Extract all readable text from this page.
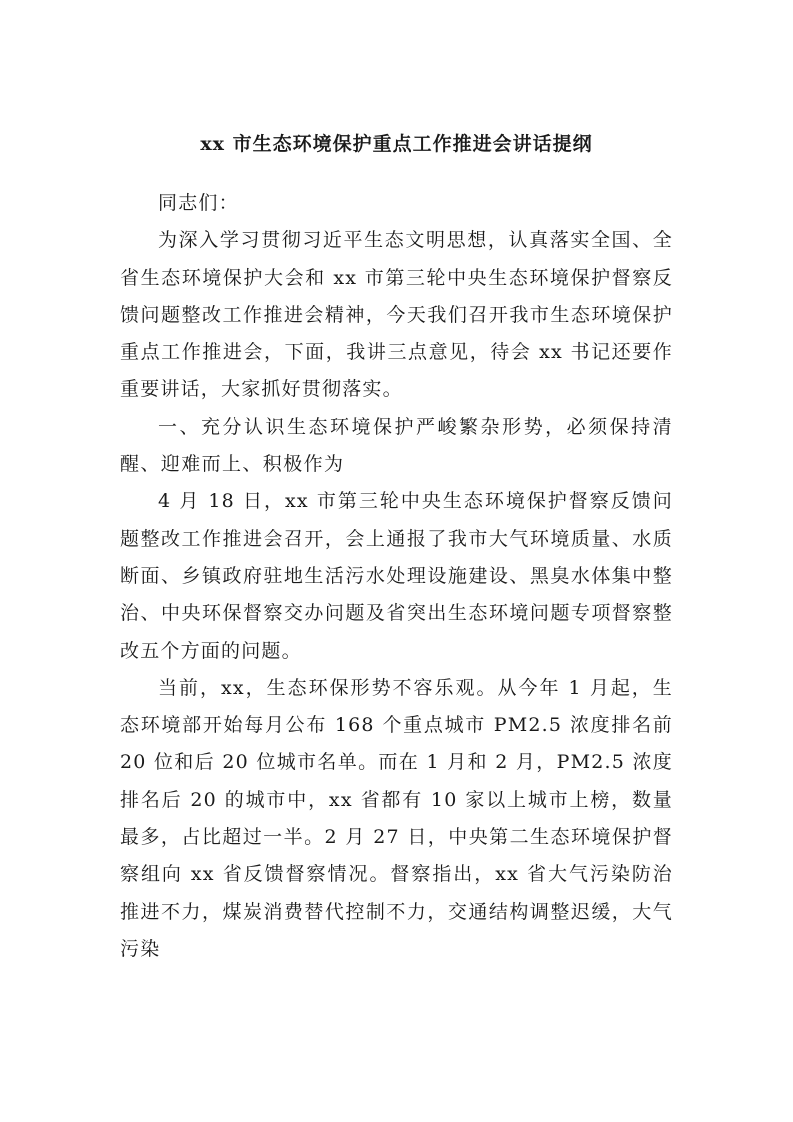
xx 市生态环境保护重点工作推进会讲话提纲

同志们：

为深入学习贯彻习近平生态文明思想，认真落实全国、全省生态环境保护大会和 xx 市第三轮中央生态环境保护督察反馈问题整改工作推进会精神，今天我们召开我市生态环境保护重点工作推进会，下面，我讲三点意见，待会 xx 书记还要作重要讲话，大家抓好贯彻落实。

一、充分认识生态环境保护严峻繁杂形势，必须保持清醒、迎难而上、积极作为

4 月 18 日，xx 市第三轮中央生态环境保护督察反馈问题整改工作推进会召开，会上通报了我市大气环境质量、水质断面、乡镇政府驻地生活污水处理设施建设、黑臭水体集中整治、中央环保督察交办问题及省突出生态环境问题专项督察整改五个方面的问题。

当前，xx，生态环保形势不容乐观。从今年 1 月起，生态环境部开始每月公布 168 个重点城市 PM2.5 浓度排名前 20 位和后 20 位城市名单。而在 1 月和 2 月，PM2.5 浓度排名后 20 的城市中，xx 省都有 10 家以上城市上榜，数量最多，占比超过一半。2 月 27 日，中央第二生态环境保护督察组向 xx 省反馈督察情况。督察指出，xx 省大气污染防治推进不力，煤炭消费替代控制不力，交通结构调整迟缓，大气污染
